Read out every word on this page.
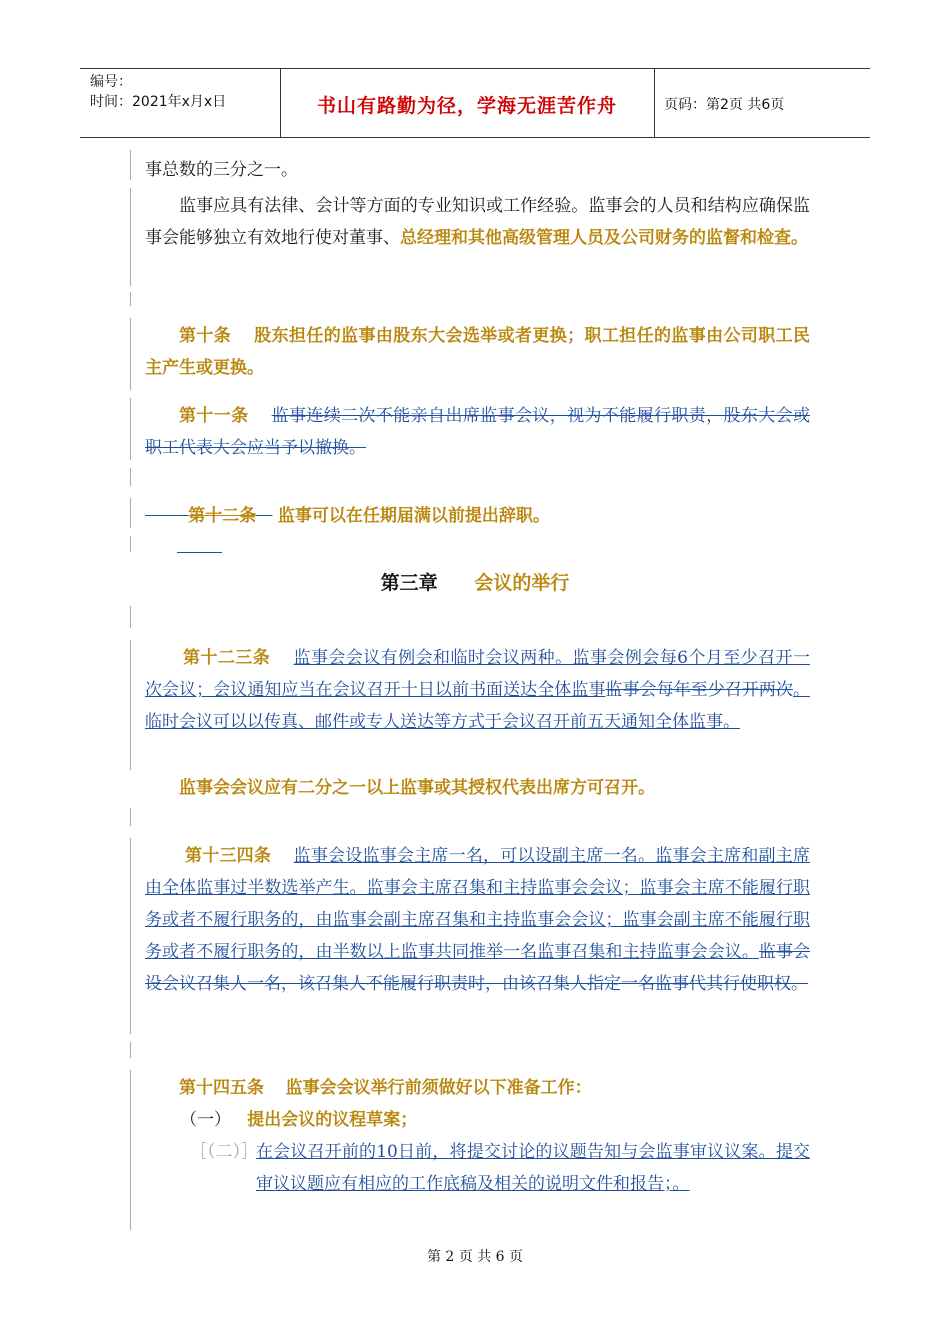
编号：
时间：2021年x月x日	书山有路勤为径，学海无涯苦作舟	页码：第2页 共6页
事总数的三分之一。
监事应具有法律、会计等方面的专业知识或工作经验。监事会的人员和结构应确保监事会能够独立有效地行使对董事、总经理和其他高级管理人员及公司财务的监督和检查。
第十条 股东担任的监事由股东大会选举或者更换；职工担任的监事由公司职工民主产生或更换。
第十一条 监事连续二次不能亲自出席监事会议，视为不能履行职责，股东大会或职工代表大会应当予以撤换。
第十二条 监事可以在任期届满以前提出辞职。
第三章 会议的举行
第十二三条 监事会会议有例会和临时会议两种。监事会例会每6个月至少召开一次会议；会议通知应当在会议召开十日以前书面送达全体监事监事会每年至少召开两次。临时会议可以以传真、邮件或专人送达等方式于会议召开前五天通知全体监事。
监事会会议应有二分之一以上监事或其授权代表出席方可召开。
第十三四条 监事会设监事会主席一名，可以设副主席一名。监事会主席和副主席由全体监事过半数选举产生。监事会主席召集和主持监事会会议；监事会主席不能履行职务或者不履行职务的，由监事会副主席召集和主持监事会会议；监事会副主席不能履行职务或者不履行职务的，由半数以上监事共同推举一名监事召集和主持监事会会议。监事会设会议召集人一名，该召集人不能履行职责时，由该召集人指定一名监事代其行使职权。
第十四五条 监事会会议举行前须做好以下准备工作：
（一） 提出会议的议程草案；
［（二）］
在会议召开前的10日前，将提交讨论的议题告知与会监事审议议案。提交审议议题应有相应的工作底稿及相关的说明文件和报告；。
第 2 页 共 6 页
